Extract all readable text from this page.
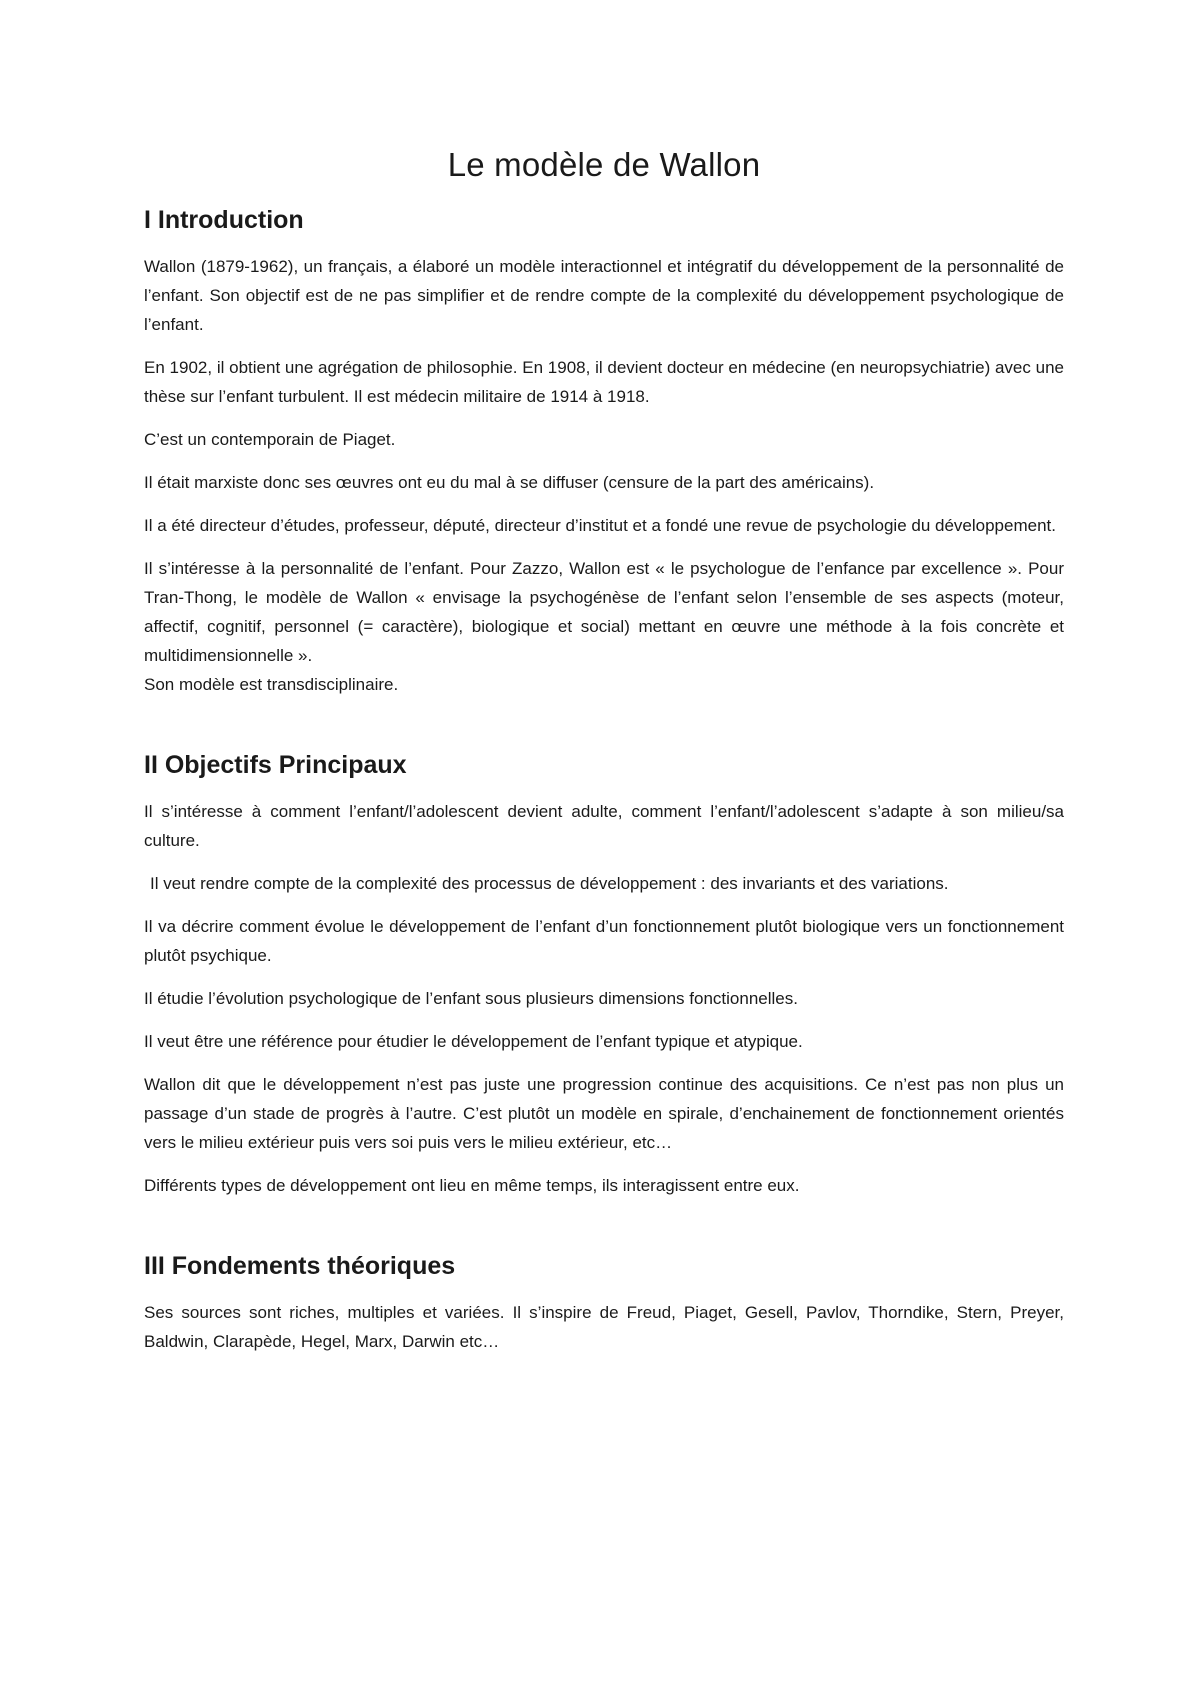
Le modèle de Wallon
I Introduction

Wallon (1879-1962), un français, a élaboré un modèle interactionnel et intégratif du développement de la personnalité de l’enfant. Son objectif est de ne pas simplifier et de rendre compte de la complexité du développement psychologique de l’enfant.

En 1902, il obtient une agrégation de philosophie. En 1908, il devient docteur en médecine (en neuropsychiatrie) avec une thèse sur l’enfant turbulent. Il est médecin militaire de 1914 à 1918.

C’est un contemporain de Piaget.

Il était marxiste donc ses œuvres ont eu du mal à se diffuser (censure de la part des américains).

Il a été directeur d’études, professeur, député, directeur d’institut et a fondé une revue de psychologie du développement.

Il s’intéresse à la personnalité de l’enfant. Pour Zazzo, Wallon est « le psychologue de l’enfance par excellence ». Pour Tran-Thong, le modèle de Wallon « envisage la psychogénèse de l’enfant selon l’ensemble de ses aspects (moteur, affectif, cognitif, personnel (= caractère), biologique et social) mettant en œuvre une méthode à la fois concrète et multidimensionnelle ».

Son modèle est transdisciplinaire.

II Objectifs Principaux

Il s’intéresse à comment l’enfant/l’adolescent devient adulte, comment l’enfant/l’adolescent s’adapte à son milieu/sa culture.

Il veut rendre compte de la complexité des processus de développement : des invariants et des variations.

Il va décrire comment évolue le développement de l’enfant d’un fonctionnement plutôt biologique vers un fonctionnement plutôt psychique.

Il étudie l’évolution psychologique de l’enfant sous plusieurs dimensions fonctionnelles.

Il veut être une référence pour étudier le développement de l’enfant typique et atypique.

Wallon dit que le développement n’est pas juste une progression continue des acquisitions. Ce n’est pas non plus un passage d’un stade de progrès à l’autre. C’est plutôt un modèle en spirale, d’enchainement de fonctionnement orientés vers le milieu extérieur puis vers soi puis vers le milieu extérieur, etc…

Différents types de développement ont lieu en même temps, ils interagissent entre eux.

III Fondements théoriques

Ses sources sont riches, multiples et variées. Il s’inspire de Freud, Piaget, Gesell, Pavlov, Thorndike, Stern, Preyer, Baldwin, Clarapède, Hegel, Marx, Darwin etc…
